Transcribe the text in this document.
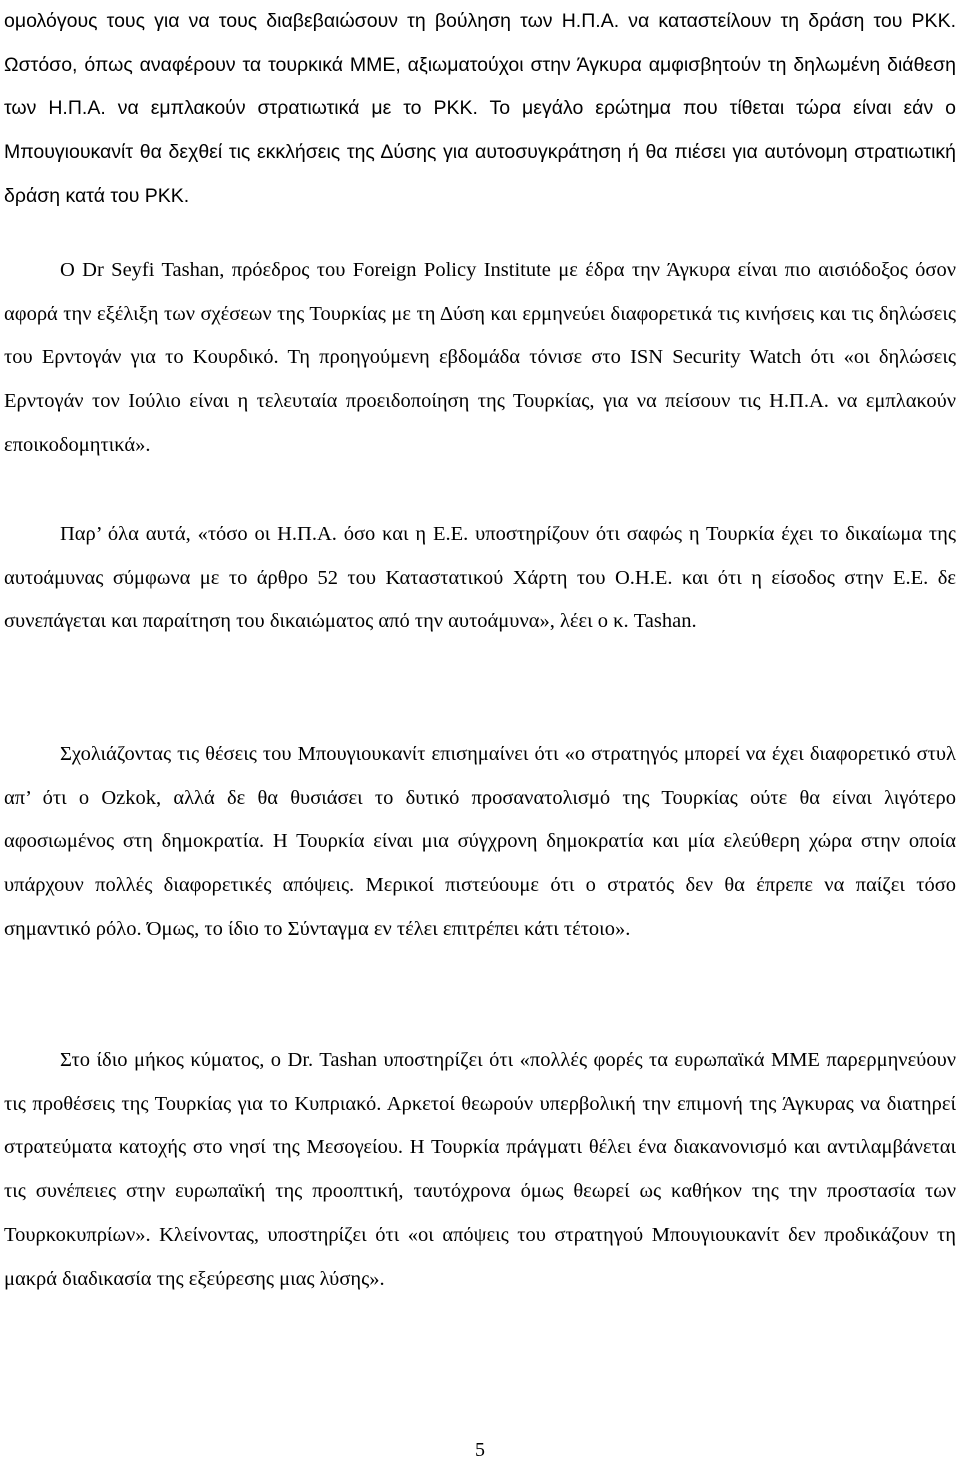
ομολόγους τους για να τους διαβεβαιώσουν τη βούληση των Η.Π.Α. να καταστείλουν τη δράση του ΡΚΚ. Ωστόσο, όπως αναφέρουν τα τουρκικά ΜΜΕ, αξιωματούχοι στην Άγκυρα αμφισβητούν τη δηλωμένη διάθεση των Η.Π.Α. να εμπλακούν στρατιωτικά με το ΡΚΚ. Το μεγάλο ερώτημα που τίθεται τώρα είναι εάν ο Μπουγιουκανίτ θα δεχθεί τις εκκλήσεις της Δύσης για αυτοσυγκράτηση ή θα πιέσει για αυτόνομη στρατιωτική δράση κατά του ΡΚΚ.

Ο Dr Seyfi Tashan, πρόεδρος του Foreign Policy Institute με έδρα την Άγκυρα είναι πιο αισιόδοξος όσον αφορά την εξέλιξη των σχέσεων της Τουρκίας με τη Δύση και ερμηνεύει διαφορετικά τις κινήσεις και τις δηλώσεις του Ερντογάν για το Κουρδικό. Τη προηγούμενη εβδομάδα τόνισε στο ISN Security Watch ότι «οι δηλώσεις Ερντογάν τον Ιούλιο είναι η τελευταία προειδοποίηση της Τουρκίας, για να πείσουν τις Η.Π.Α. να εμπλακούν εποικοδομητικά».

Παρ’ όλα αυτά, «τόσο οι Η.Π.Α. όσο και η Ε.Ε. υποστηρίζουν ότι σαφώς η Τουρκία έχει το δικαίωμα της αυτοάμυνας σύμφωνα με το άρθρο 52 του Καταστατικού Χάρτη του Ο.Η.Ε. και ότι η είσοδος στην Ε.Ε. δε συνεπάγεται και παραίτηση του δικαιώματος από την αυτοάμυνα», λέει ο κ. Tashan.

Σχολιάζοντας τις θέσεις του Μπουγιουκανίτ επισημαίνει ότι «ο στρατηγός μπορεί να έχει διαφορετικό στυλ απ’ ότι ο Ozkok, αλλά δε θα θυσιάσει το δυτικό προσανατολισμό της Τουρκίας ούτε θα είναι λιγότερο αφοσιωμένος στη δημοκρατία. Η Τουρκία είναι μια σύγχρονη δημοκρατία και μία ελεύθερη χώρα στην οποία υπάρχουν πολλές διαφορετικές απόψεις. Μερικοί πιστεύουμε ότι ο στρατός δεν θα έπρεπε να παίζει τόσο σημαντικό ρόλο. Όμως, το ίδιο το Σύνταγμα εν τέλει επιτρέπει κάτι τέτοιο».

Στο ίδιο μήκος κύματος, ο Dr. Tashan υποστηρίζει ότι «πολλές φορές τα ευρωπαϊκά ΜΜΕ παρερμηνεύουν τις προθέσεις της Τουρκίας για το Κυπριακό. Αρκετοί θεωρούν υπερβολική την επιμονή της Άγκυρας να διατηρεί στρατεύματα κατοχής στο νησί της Μεσογείου. Η Τουρκία πράγματι θέλει ένα διακανονισμό και αντιλαμβάνεται τις συνέπειες στην ευρωπαϊκή της προοπτική, ταυτόχρονα όμως θεωρεί ως καθήκον της την προστασία των Τουρκοκυπρίων». Κλείνοντας, υποστηρίζει ότι «οι απόψεις του στρατηγού Μπουγιουκανίτ δεν προδικάζουν τη μακρά διαδικασία της εξεύρεσης μιας λύσης».

5
